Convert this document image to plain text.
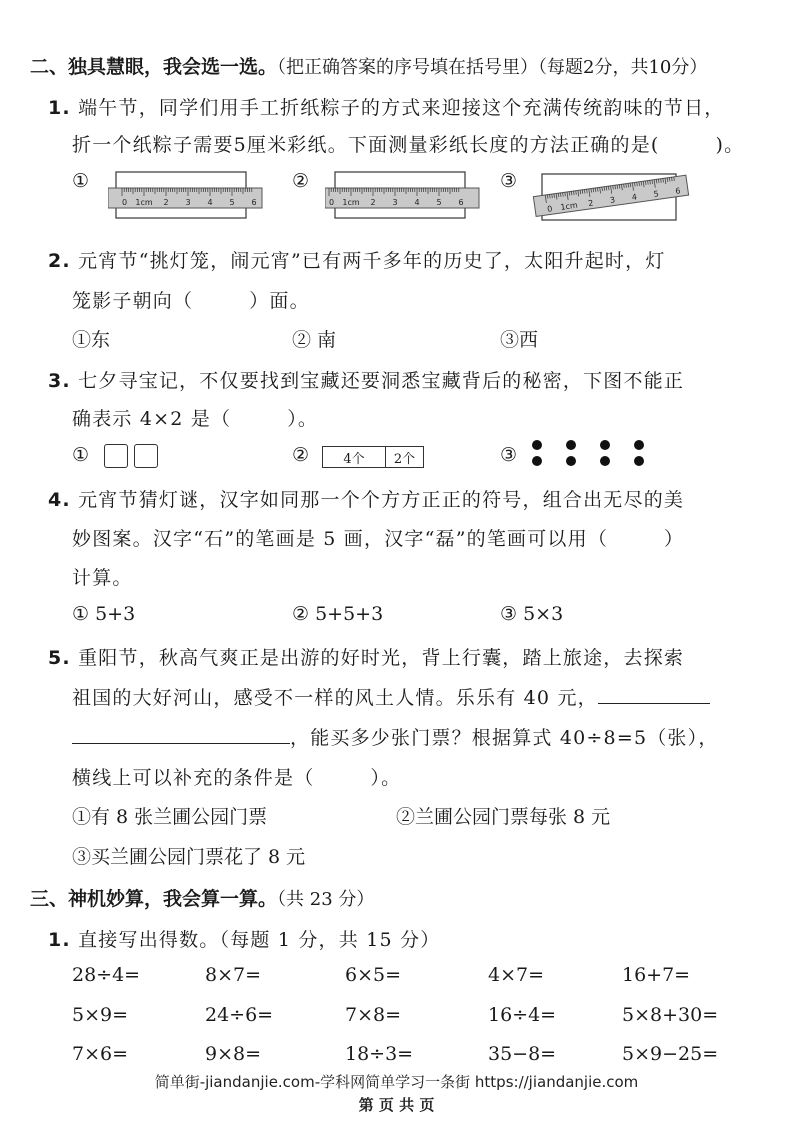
二、独具慧眼，我会选一选。（把正确答案的序号填在括号里）（每题2分，共10分）
1. 端午节，同学们用手工折纸粽子的方式来迎接这个充满传统韵味的节日，
折一个纸粽子需要5厘米彩纸。下面测量彩纸长度的方法正确的是(	)。
①	②	③
0 1cm 2 3 4 5 6	0 1cm 2 3 4 5 6
0 1cm 2 3 4 5 6
2. 元宵节“挑灯笼，闹元宵”已有两千多年的历史了，太阳升起时，灯
笼影子朝向（	）面。
①东	② 南	③西
3. 七夕寻宝记，不仅要找到宝藏还要洞悉宝藏背后的秘密，下图不能正
确表示 4×2 是（	）。
①	②	4个	2个	③
4. 元宵节猜灯谜，汉字如同那一个个方方正正的符号，组合出无尽的美
妙图案。汉字“石”的笔画是 5 画，汉字“磊”的笔画可以用（	）
计算。
① 5+3	② 5+5+3	③ 5×3
5. 重阳节，秋高气爽正是出游的好时光，背上行囊，踏上旅途，去探索
祖国的大好河山，感受不一样的风土人情。乐乐有 40 元，
，能买多少张门票？根据算式 40÷8=5（张），
横线上可以补充的条件是（	）。
①有 8 张兰圃公园门票	②兰圃公园门票每张 8 元
③买兰圃公园门票花了 8 元
三、神机妙算，我会算一算。（共 23 分）
1. 直接写出得数。（每题 1 分，共 15 分）
28÷4=	8×7=	6×5=	4×7=	16+7=
5×9=	24÷6=	7×8=	16÷4=	5×8+30=
7×6=	9×8=	18÷3=	35−8=	5×9−25=
简单街-jiandanjie.com-学科网简单学习一条街 https://jiandanjie.com
第 页 共 页
